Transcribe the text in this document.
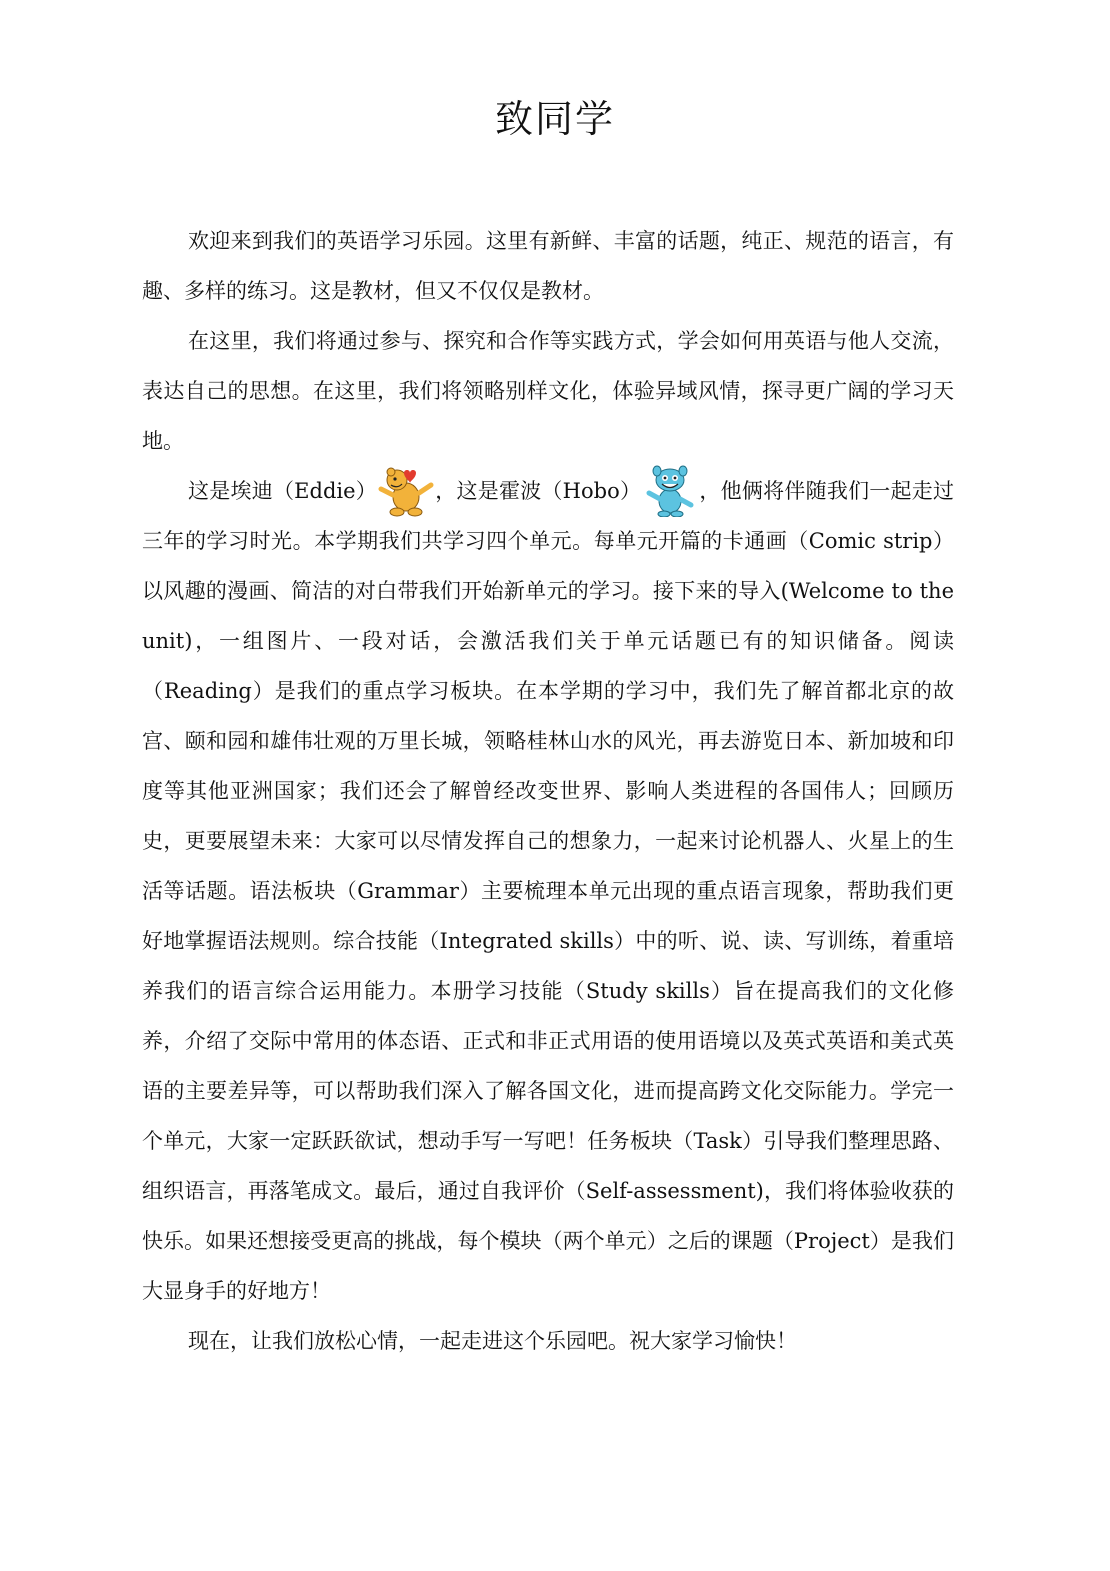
致同学

欢迎来到我们的英语学习乐园。这里有新鲜、丰富的话题，纯正、规范的语言，有趣、多样的练习。这是教材，但又不仅仅是教材。

在这里，我们将通过参与、探究和合作等实践方式，学会如何用英语与他人交流，表达自己的思想。在这里，我们将领略别样文化，体验异域风情，探寻更广阔的学习天地。

这是埃迪（Eddie）	，这是霍波（Hobo）	，他俩将伴随我们一起走过三年的学习时光。本学期我们共学习四个单元。每单元开篇的卡通画（Comic strip）以风趣的漫画、简洁的对白带我们开始新单元的学习。接下来的导入(Welcome to the unit)，一组图片、一段对话，会激活我们关于单元话题已有的知识储备。阅读（Reading）是我们的重点学习板块。在本学期的学习中，我们先了解首都北京的故宫、颐和园和雄伟壮观的万里长城，领略桂林山水的风光，再去游览日本、新加坡和印度等其他亚洲国家；我们还会了解曾经改变世界、影响人类进程的各国伟人；回顾历史，更要展望未来：大家可以尽情发挥自己的想象力，一起来讨论机器人、火星上的生活等话题。语法板块（Grammar）主要梳理本单元出现的重点语言现象，帮助我们更好地掌握语法规则。综合技能（Integrated skills）中的听、说、读、写训练，着重培养我们的语言综合运用能力。本册学习技能（Study skills）旨在提高我们的文化修养，介绍了交际中常用的体态语、正式和非正式用语的使用语境以及英式英语和美式英语的主要差异等，可以帮助我们深入了解各国文化，进而提高跨文化交际能力。学完一个单元，大家一定跃跃欲试，想动手写一写吧！任务板块（Task）引导我们整理思路、组织语言，再落笔成文。最后，通过自我评价（Self-assessment)，我们将体验收获的快乐。如果还想接受更高的挑战，每个模块（两个单元）之后的课题（Project）是我们大显身手的好地方！

现在，让我们放松心情，一起走进这个乐园吧。祝大家学习愉快！
